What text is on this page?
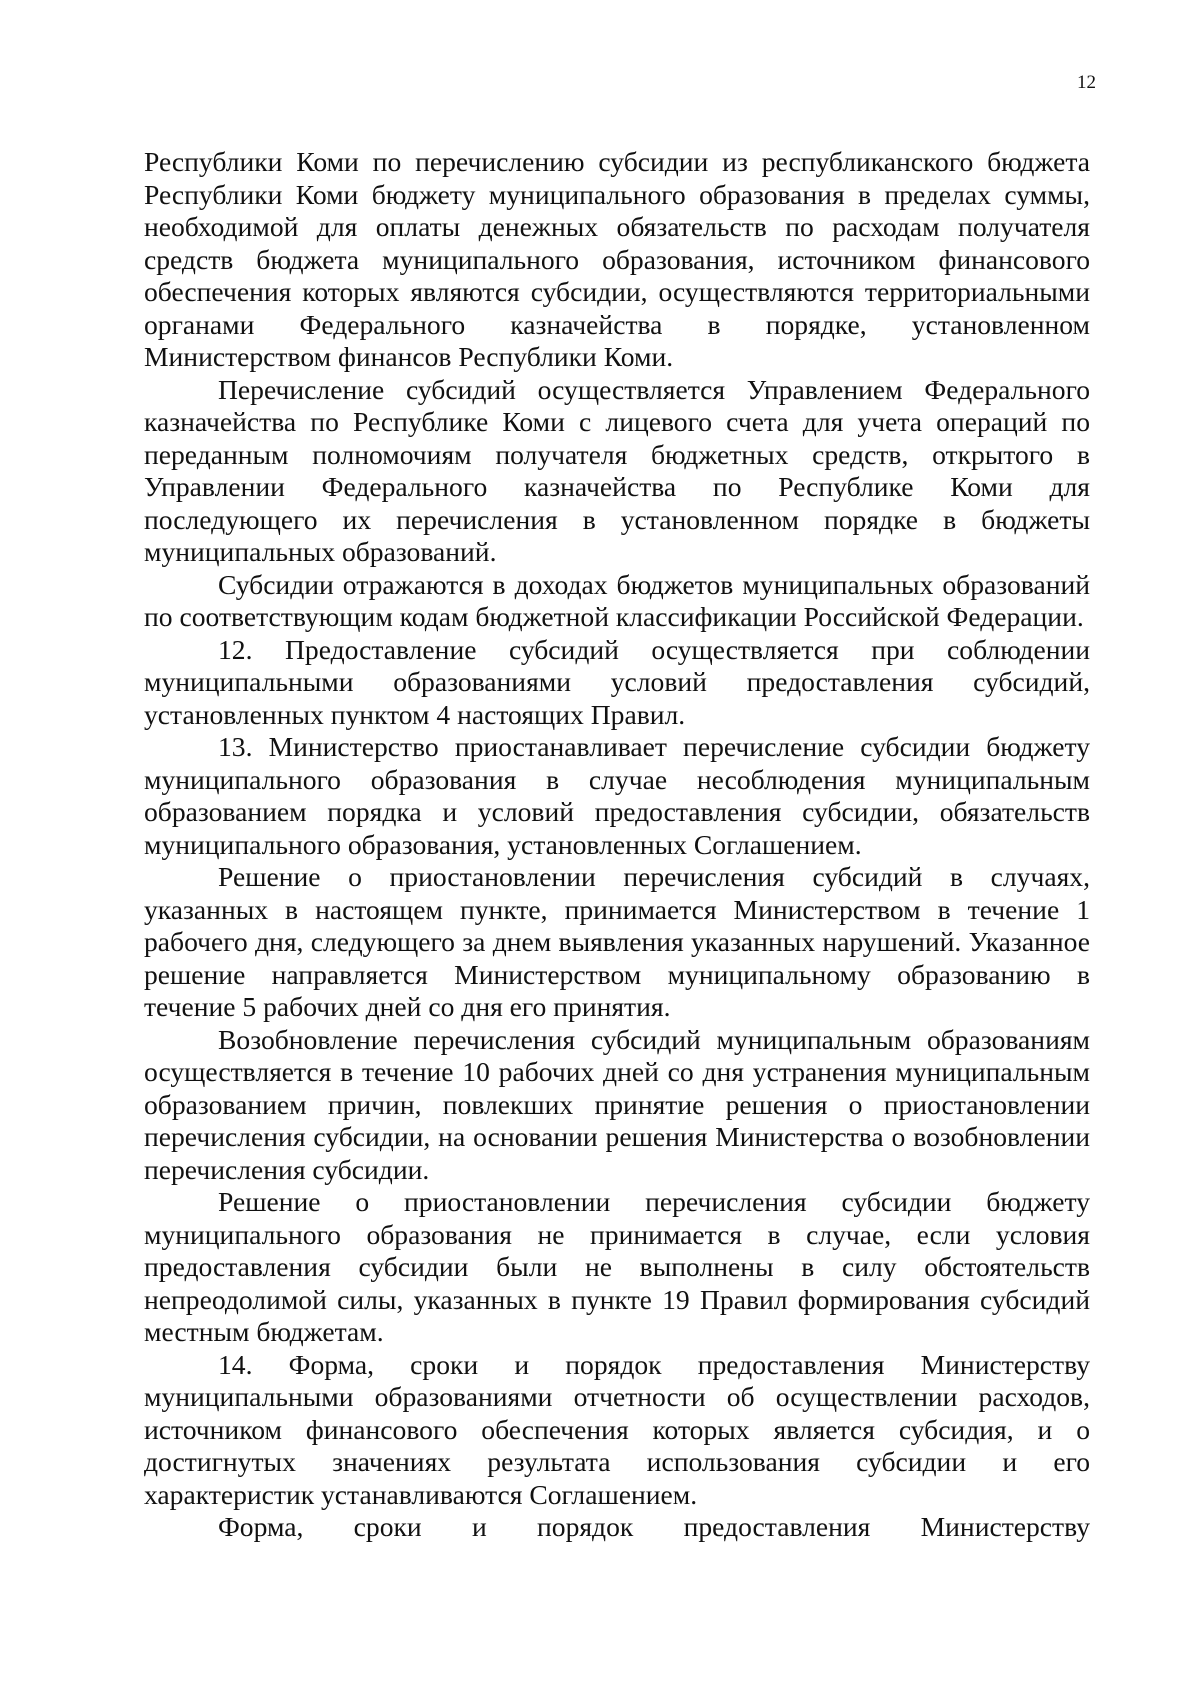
12

Республики Коми по перечислению субсидии из республиканского бюджета Республики Коми бюджету муниципального образования в пределах суммы, необходимой для оплаты денежных обязательств по расходам получателя средств бюджета муниципального образования, источником финансового обеспечения которых являются субсидии, осуществляются территориальными органами Федерального казначейства в порядке, установленном Министерством финансов Республики Коми.

Перечисление субсидий осуществляется Управлением Федерального казначейства по Республике Коми с лицевого счета для учета операций по переданным полномочиям получателя бюджетных средств, открытого в Управлении Федерального казначейства по Республике Коми для последующего их перечисления в установленном порядке в бюджеты муниципальных образований.

Субсидии отражаются в доходах бюджетов муниципальных образований по соответствующим кодам бюджетной классификации Российской Федерации.

12. Предоставление субсидий осуществляется при соблюдении муниципальными образованиями условий предоставления субсидий, установленных пунктом 4 настоящих Правил.

13. Министерство приостанавливает перечисление субсидии бюджету муниципального образования в случае несоблюдения муниципальным образованием порядка и условий предоставления субсидии, обязательств муниципального образования, установленных Соглашением.

Решение о приостановлении перечисления субсидий в случаях, указанных в настоящем пункте, принимается Министерством в течение 1 рабочего дня, следующего за днем выявления указанных нарушений. Указанное решение направляется Министерством муниципальному образованию в течение 5 рабочих дней со дня его принятия.

Возобновление перечисления субсидий муниципальным образованиям осуществляется в течение 10 рабочих дней со дня устранения муниципальным образованием причин, повлекших принятие решения о приостановлении перечисления субсидии, на основании решения Министерства о возобновлении перечисления субсидии.

Решение о приостановлении перечисления субсидии бюджету муниципального образования не принимается в случае, если условия предоставления субсидии были не выполнены в силу обстоятельств непреодолимой силы, указанных в пункте 19 Правил формирования субсидий местным бюджетам.

14. Форма, сроки и порядок предоставления Министерству муниципальными образованиями отчетности об осуществлении расходов, источником финансового обеспечения которых является субсидия, и о достигнутых значениях результата использования субсидии и его характеристик устанавливаются Соглашением.

Форма, сроки и порядок предоставления Министерству
